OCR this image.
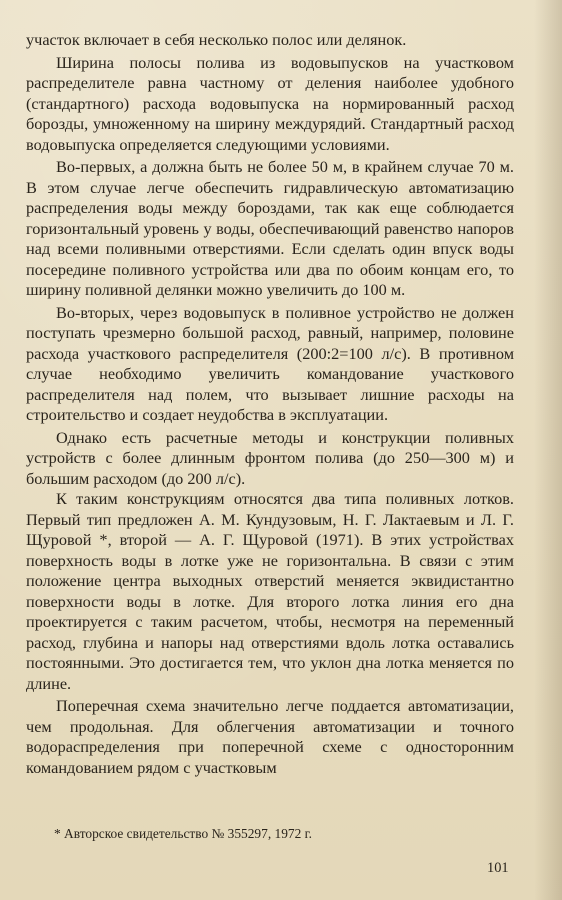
участок включает в себя несколько полос или делянок.

Ширина полосы полива из водовыпусков на участковом распределителе равна частному от деления наиболее удобного (стандартного) расхода водовыпуска на нормированный расход борозды, умноженному на ширину междурядий. Стандартный расход водовыпуска определяется следующими условиями.

Во-первых, a должна быть не более 50 м, в крайнем случае 70 м. В этом случае легче обеспечить гидравлическую автоматизацию распределения воды между бороздами, так как еще соблюдается горизонтальный уровень у воды, обеспечивающий равенство напоров над всеми поливными отверстиями. Если сделать один впуск воды посередине поливного устройства или два по обоим концам его, то ширину поливной делянки можно увеличить до 100 м.

Во-вторых, через водовыпуск в поливное устройство не должен поступать чрезмерно большой расход, равный, например, половине расхода участкового распределителя (200:2=100 л/с). В противном случае необходимо увеличить командование участкового распределителя над полем, что вызывает лишние расходы на строительство и создает неудобства в эксплуатации.

Однако есть расчетные методы и конструкции поливных устройств с более длинным фронтом полива (до 250—300 м) и большим расходом (до 200 л/с).

К таким конструкциям относятся два типа поливных лотков. Первый тип предложен А. М. Кундузовым, Н. Г. Лактаевым и Л. Г. Щуровой *, второй — А. Г. Щуровой (1971). В этих устройствах поверхность воды в лотке уже не горизонтальна. В связи с этим положение центра выходных отверстий меняется эквидистантно поверхности воды в лотке. Для второго лотка линия его дна проектируется с таким расчетом, чтобы, несмотря на переменный расход, глубина и напоры над отверстиями вдоль лотка оставались постоянными. Это достигается тем, что уклон дна лотка меняется по длине.

Поперечная схема значительно легче поддается автоматизации, чем продольная. Для облегчения автоматизации и точного водораспределения при поперечной схеме с односторонним командованием рядом с участковым

* Авторское свидетельство № 355297, 1972 г.
101
